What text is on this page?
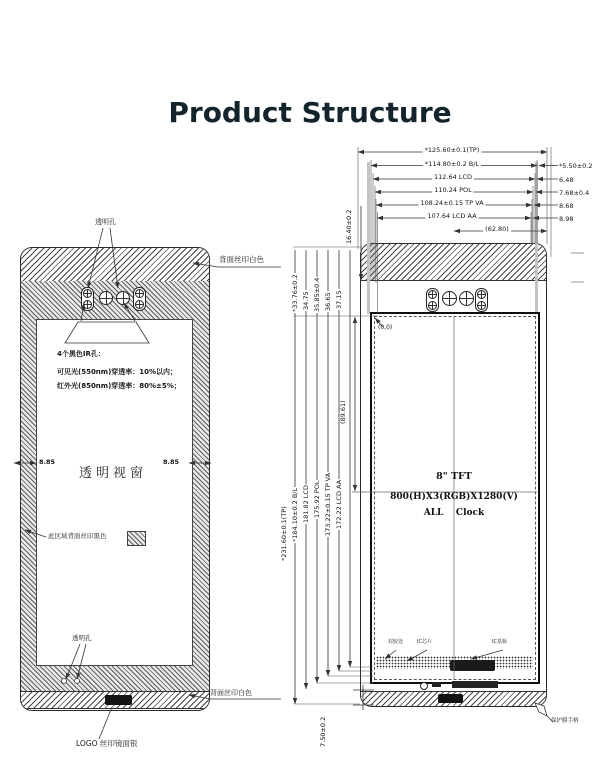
Product Structure
透明孔
背面丝印白色
4个黑色IR孔：
可见光(550nm)穿透率：10%以内；
红外光(850nm)穿透率：80%±5%；
8.85	8.85
透明视窗
此区域背面丝印黑色
透明孔
背面丝印白色
LOGO 丝印镜面银
(0,0)
8" TFT
800(H)X3(RGB)X1280(V)
ALL    Clock
封胶处	IC芯片	IC基板
保护膜手柄
*125.60±0.1(TP)
*114.80±0.2 B/L
112.64 LCD
110.24 POL
108.24±0.15 TP VA
107.64 LCD AA
(62.80)
*5.50±0.2
6.48
7.68±0.4
8.68
8.98
16.40±0.2
37.15
36.65
35.85±0.4
34.75
*33.76±0.2
(89.61)
172.22 LCD AA
173.22±0.15 TP VA
175.92 POL
181.82 LCD
*184.10±0.2 B/L
*231.60±0.1(TP)
7.50±0.2
